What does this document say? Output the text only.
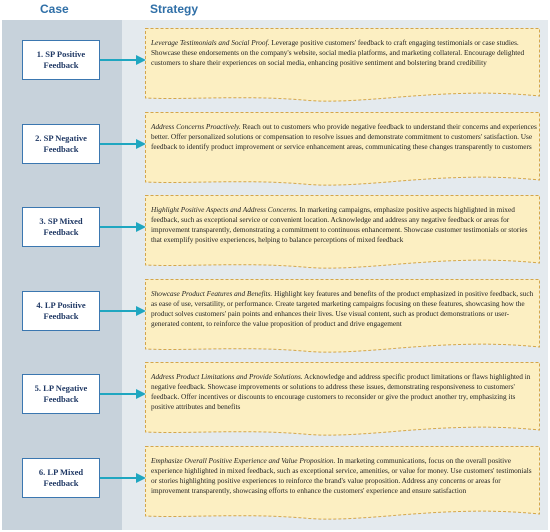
Case	Strategy
1. SP Positive Feedback

Leverage Testimonials and Social Proof. Leverage positive customers' feedback to craft engaging testimonials or case studies. Showcase these endorsements on the company's website, social media platforms, and marketing collateral. Encourage delighted customers to share their experiences on social media, enhancing positive sentiment and bolstering brand credibility

2. SP Negative Feedback

Address Concerns Proactively. Reach out to customers who provide negative feedback to understand their concerns and experiences better. Offer personalized solutions or compensation to resolve issues and demonstrate commitment to customers' satisfaction. Use feedback to identify product improvement or service enhancement areas, communicating these changes transparently to customers

3. SP Mixed Feedback

Highlight Positive Aspects and Address Concerns. In marketing campaigns, emphasize positive aspects highlighted in mixed feedback, such as exceptional service or convenient location. Acknowledge and address any negative feedback or areas for improvement transparently, demonstrating a commitment to continuous enhancement. Showcase customer testimonials or stories that exemplify positive experiences, helping to balance perceptions of mixed feedback

4. LP Positive Feedback

Showcase Product Features and Benefits. Highlight key features and benefits of the product emphasized in positive feedback, such as ease of use, versatility, or performance. Create targeted marketing campaigns focusing on these features, showcasing how the product solves customers' pain points and enhances their lives. Use visual content, such as product demonstrations or user-generated content, to reinforce the value proposition of product and drive engagement

5. LP Negative Feedback

Address Product Limitations and Provide Solutions. Acknowledge and address specific product limitations or flaws highlighted in negative feedback. Showcase improvements or solutions to address these issues, demonstrating responsiveness to customers' feedback. Offer incentives or discounts to encourage customers to reconsider or give the product another try, emphasizing its positive attributes and benefits

6. LP Mixed Feedback

Emphasize Overall Positive Experience and Value Proposition. In marketing communications, focus on the overall positive experience highlighted in mixed feedback, such as exceptional service, amenities, or value for money. Use customers' testimonials or stories highlighting positive experiences to reinforce the brand's value proposition. Address any concerns or areas for improvement transparently, showcasing efforts to enhance the customers' experience and ensure satisfaction
